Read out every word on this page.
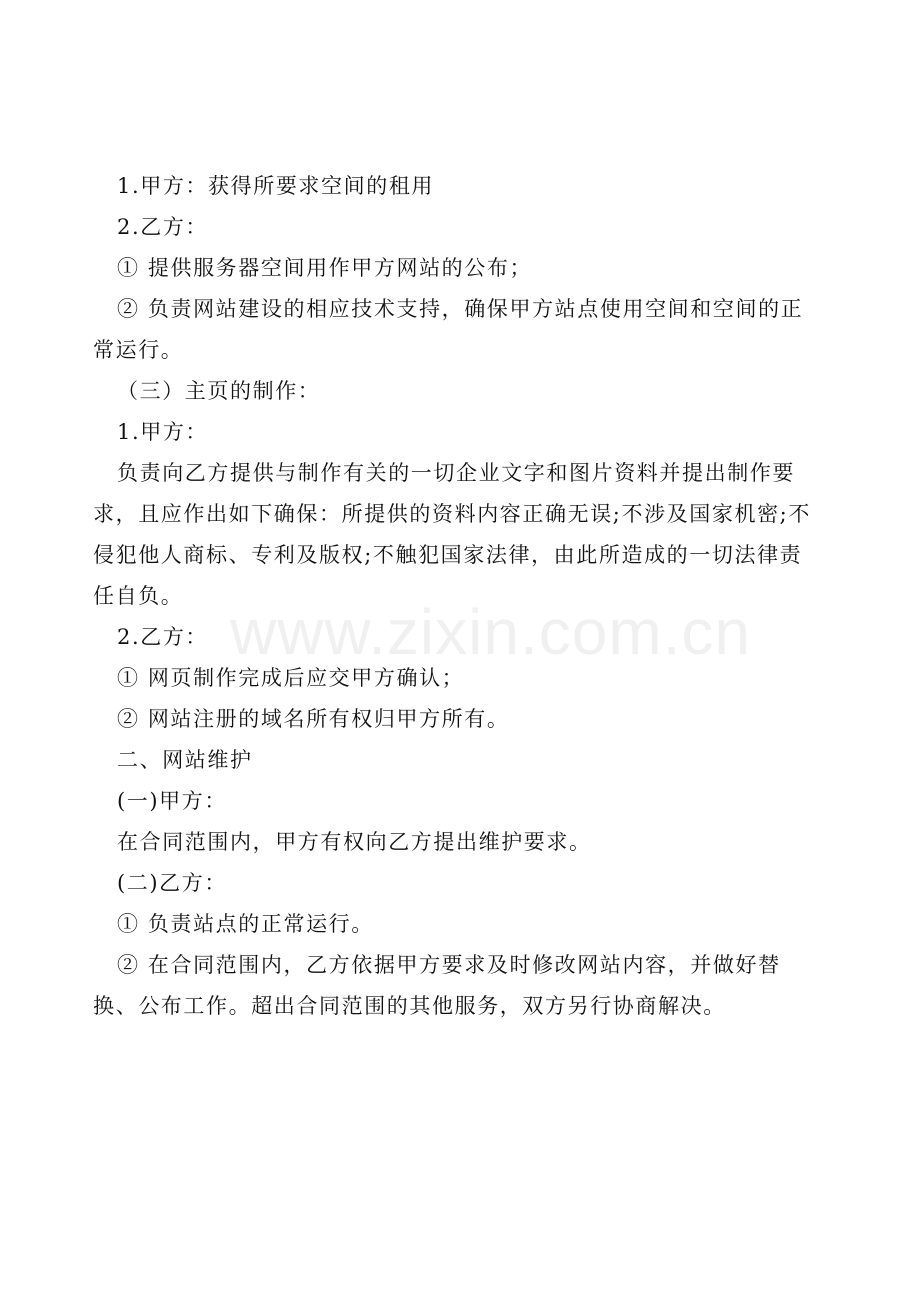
1.甲方：获得所要求空间的租用

2.乙方：

① 提供服务器空间用作甲方网站的公布；

② 负责网站建设的相应技术支持，确保甲方站点使用空间和空间的正常运行。

（三）主页的制作：

1.甲方：

负责向乙方提供与制作有关的一切企业文字和图片资料并提出制作要求，且应作出如下确保：所提供的资料内容正确无误;不涉及国家机密;不侵犯他人商标、专利及版权;不触犯国家法律，由此所造成的一切法律责任自负。

2.乙方：

① 网页制作完成后应交甲方确认；

② 网站注册的域名所有权归甲方所有。

二、网站维护

(一)甲方：

在合同范围内，甲方有权向乙方提出维护要求。

(二)乙方：

① 负责站点的正常运行。

② 在合同范围内，乙方依据甲方要求及时修改网站内容，并做好替换、公布工作。超出合同范围的其他服务，双方另行协商解决。

www.zixin.com.cn
